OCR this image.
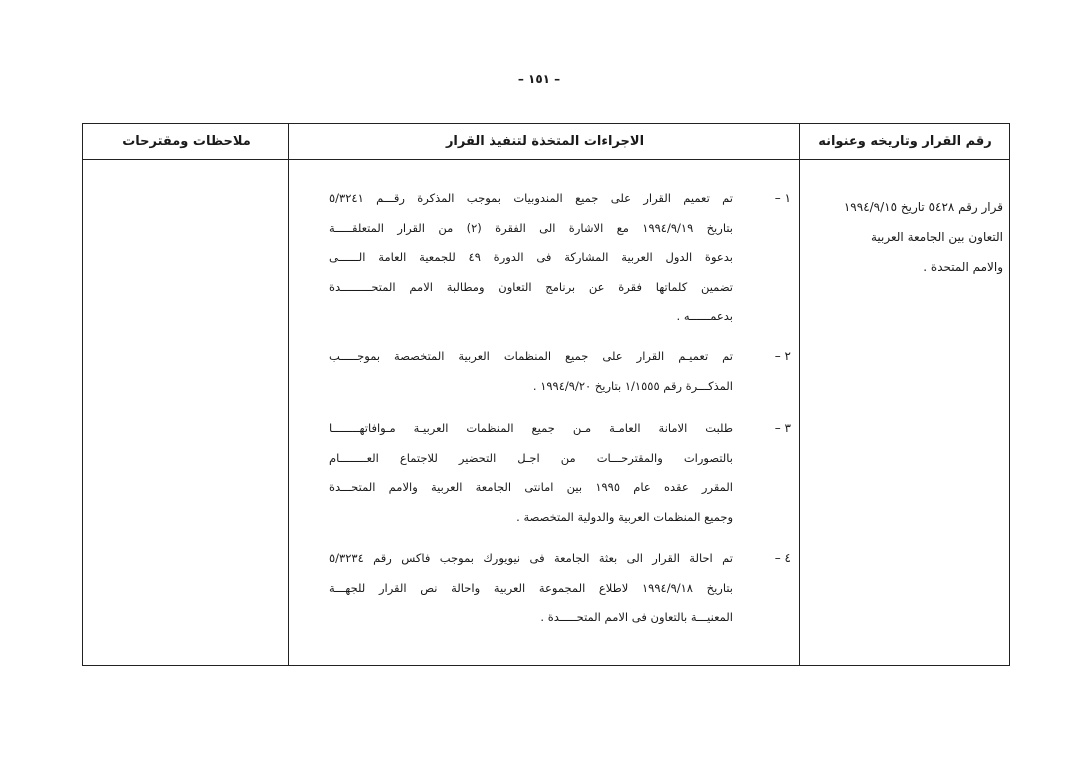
– ١٥١ –
رقم القرار وتاريخه وعنوانه
الاجراءات المتخذة لتنفيذ القرار
ملاحظات ومقترحات
قرار رقم ٥٤٢٨ تاريخ ١٩٩٤/٩/١٥
التعاون بين الجامعة العربية
والامم المتحدة .
١ –
تم تعميم القرار على جميع المندوبيات بموجب المذكرة رقـــم ٥/٣٢٤١
بتاريخ ١٩٩٤/٩/١٩ مع الاشارة الى الفقرة (٢) من القرار المتعلقـــــة
بدعوة الدول العربية المشاركة فى الدورة ٤٩ للجمعية العامة الــــــى
تضمين كلماتها فقرة عن برنامج التعاون ومطالبة الامم المتحـــــــــدة
بدعمــــــه .
٢ –
تم تعميـم القرار على جميع المنظمات العربية المتخصصة بموجـــــب
المذكـــرة رقم ١/١٥٥٥ بتاريخ ١٩٩٤/٩/٢٠ .
٣ –
طلبت الامانة العامـة مـن جميع المنظمات العربيـة مـوافاتهــــــــا
بالتصورات والمقترحـــات من اجـل التحضير للاجتماع العــــــــام
المقرر عقده عام ١٩٩٥ بين امانتى الجامعة العربية والامم المتحـــدة
وجميع المنظمات العربية والدولية المتخصصة .
٤ –
تم احالة القرار الى بعثة الجامعة فى نيويورك بموجب فاكس رقم ٥/٣٢٣٤
بتاريخ ١٩٩٤/٩/١٨ لاطلاع المجموعة العربية واحالة نص القرار للجهـــة
المعنيـــة بالتعاون فى الامم المتحـــــدة .
